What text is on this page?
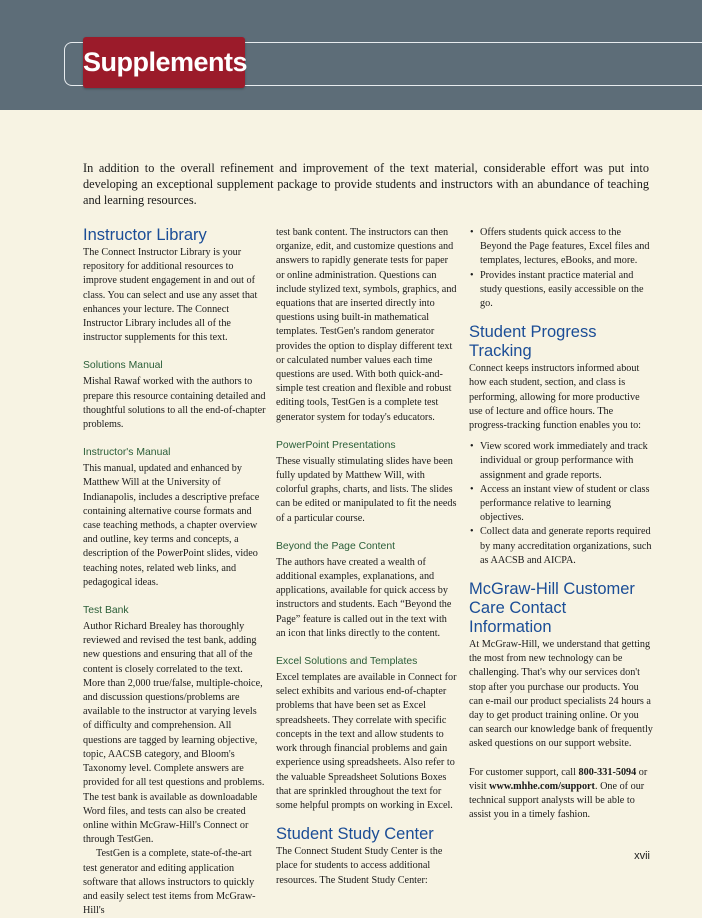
Supplements

In addition to the overall refinement and improvement of the text material, considerable effort was put into developing an exceptional supplement package to provide students and instructors with an abundance of teaching and learning resources.

Instructor Library

The Connect Instructor Library is your repository for additional resources to improve student engagement in and out of class. You can select and use any asset that enhances your lecture. The Connect Instructor Library includes all of the instructor supplements for this text.

Solutions Manual

Mishal Rawaf worked with the authors to prepare this resource containing detailed and thoughtful solutions to all the end-of-chapter problems.

Instructor's Manual

This manual, updated and enhanced by Matthew Will at the University of Indianapolis, includes a descriptive preface containing alternative course formats and case teaching methods, a chapter overview and outline, key terms and concepts, a description of the PowerPoint slides, video teaching notes, related web links, and pedagogical ideas.

Test Bank

Author Richard Brealey has thoroughly reviewed and revised the test bank, adding new questions and ensuring that all of the content is closely correlated to the text. More than 2,000 true/false, multiple-choice, and discussion questions/problems are available to the instructor at varying levels of difficulty and comprehension. All questions are tagged by learning objective, topic, AACSB category, and Bloom's Taxonomy level. Complete answers are provided for all test questions and problems. The test bank is available as downloadable Word files, and tests can also be created online within McGraw-Hill's Connect or through TestGen.

TestGen is a complete, state-of-the-art test generator and editing application software that allows instructors to quickly and easily select test items from McGraw-Hill's

test bank content. The instructors can then organize, edit, and customize questions and answers to rapidly generate tests for paper or online administration. Questions can include stylized text, symbols, graphics, and equations that are inserted directly into questions using built-in mathematical templates. TestGen's random generator provides the option to display different text or calculated number values each time questions are used. With both quick-and-simple test creation and flexible and robust editing tools, TestGen is a complete test generator system for today's educators.

PowerPoint Presentations

These visually stimulating slides have been fully updated by Matthew Will, with colorful graphs, charts, and lists. The slides can be edited or manipulated to fit the needs of a particular course.

Beyond the Page Content

The authors have created a wealth of additional examples, explanations, and applications, available for quick access by instructors and students. Each “Beyond the Page” feature is called out in the text with an icon that links directly to the content.

Excel Solutions and Templates

Excel templates are available in Connect for select exhibits and various end-of-chapter problems that have been set as Excel spreadsheets. They correlate with specific concepts in the text and allow students to work through financial problems and gain experience using spreadsheets. Also refer to the valuable Spreadsheet Solutions Boxes that are sprinkled throughout the text for some helpful prompts on working in Excel.

Student Study Center

The Connect Student Study Center is the place for students to access additional resources. The Student Study Center:

• Offers students quick access to the Beyond the Page features, Excel files and templates, lectures, eBooks, and more.
• Provides instant practice material and study questions, easily accessible on the go.
Student Progress Tracking

Connect keeps instructors informed about how each student, section, and class is performing, allowing for more productive use of lecture and office hours. The progress-tracking function enables you to:

• View scored work immediately and track individual or group performance with assignment and grade reports.
• Access an instant view of student or class performance relative to learning objectives.
• Collect data and generate reports required by many accreditation organizations, such as AACSB and AICPA.
McGraw-Hill Customer Care Contact Information

At McGraw-Hill, we understand that getting the most from new technology can be challenging. That's why our services don't stop after you purchase our products. You can e-mail our product specialists 24 hours a day to get product training online. Or you can search our knowledge bank of frequently asked questions on our support website.

For customer support, call 800-331-5094 or visit www.mhhe.com/support. One of our technical support analysts will be able to assist you in a timely fashion.

xvii
